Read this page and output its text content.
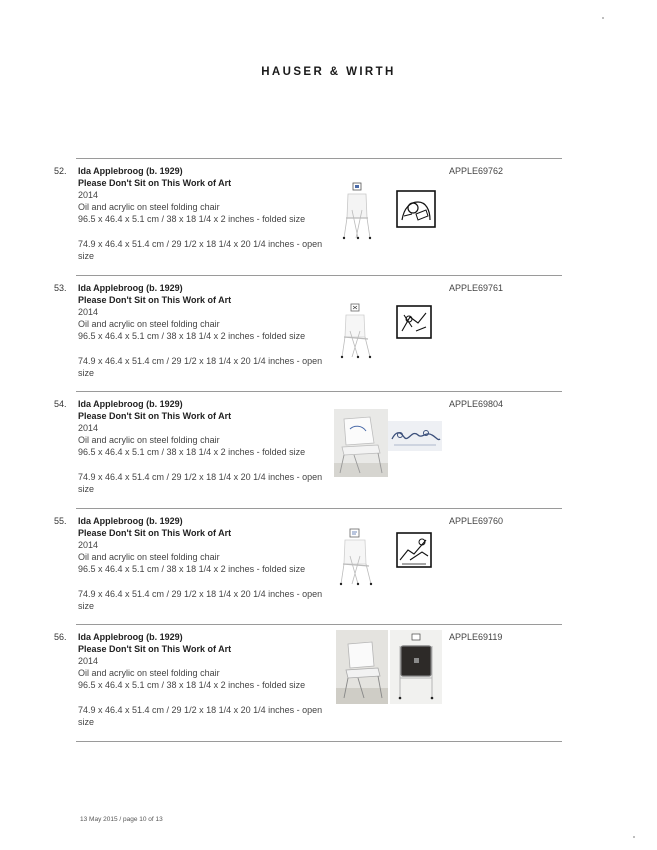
HAUSER & WIRTH
52.	Ida Applebroog (b. 1929)
Please Don't Sit on This Work of Art
2014
Oil and acrylic on steel folding chair
96.5 x 46.4 x 5.1 cm / 38 x 18 1/4 x 2 inches - folded size
74.9 x 46.4 x 51.4 cm / 29 1/2 x 18 1/4 x 20 1/4 inches - open size
APPLE69762
53.	Ida Applebroog (b. 1929)
Please Don't Sit on This Work of Art
2014
Oil and acrylic on steel folding chair
96.5 x 46.4 x 5.1 cm / 38 x 18 1/4 x 2 inches - folded size
74.9 x 46.4 x 51.4 cm / 29 1/2 x 18 1/4 x 20 1/4 inches - open size
APPLE69761
54.	Ida Applebroog (b. 1929)
Please Don't Sit on This Work of Art
2014
Oil and acrylic on steel folding chair
96.5 x 46.4 x 5.1 cm / 38 x 18 1/4 x 2 inches - folded size
74.9 x 46.4 x 51.4 cm / 29 1/2 x 18 1/4 x 20 1/4 inches - open size
APPLE69804
55.	Ida Applebroog (b. 1929)
Please Don't Sit on This Work of Art
2014
Oil and acrylic on steel folding chair
96.5 x 46.4 x 5.1 cm / 38 x 18 1/4 x 2 inches - folded size
74.9 x 46.4 x 51.4 cm / 29 1/2 x 18 1/4 x 20 1/4 inches - open size
APPLE69760
56.	Ida Applebroog (b. 1929)
Please Don't Sit on This Work of Art
2014
Oil and acrylic on steel folding chair
96.5 x 46.4 x 5.1 cm / 38 x 18 1/4 x 2 inches - folded size
74.9 x 46.4 x 51.4 cm / 29 1/2 x 18 1/4 x 20 1/4 inches - open size
APPLE69119
13 May 2015 / page 10 of 13
